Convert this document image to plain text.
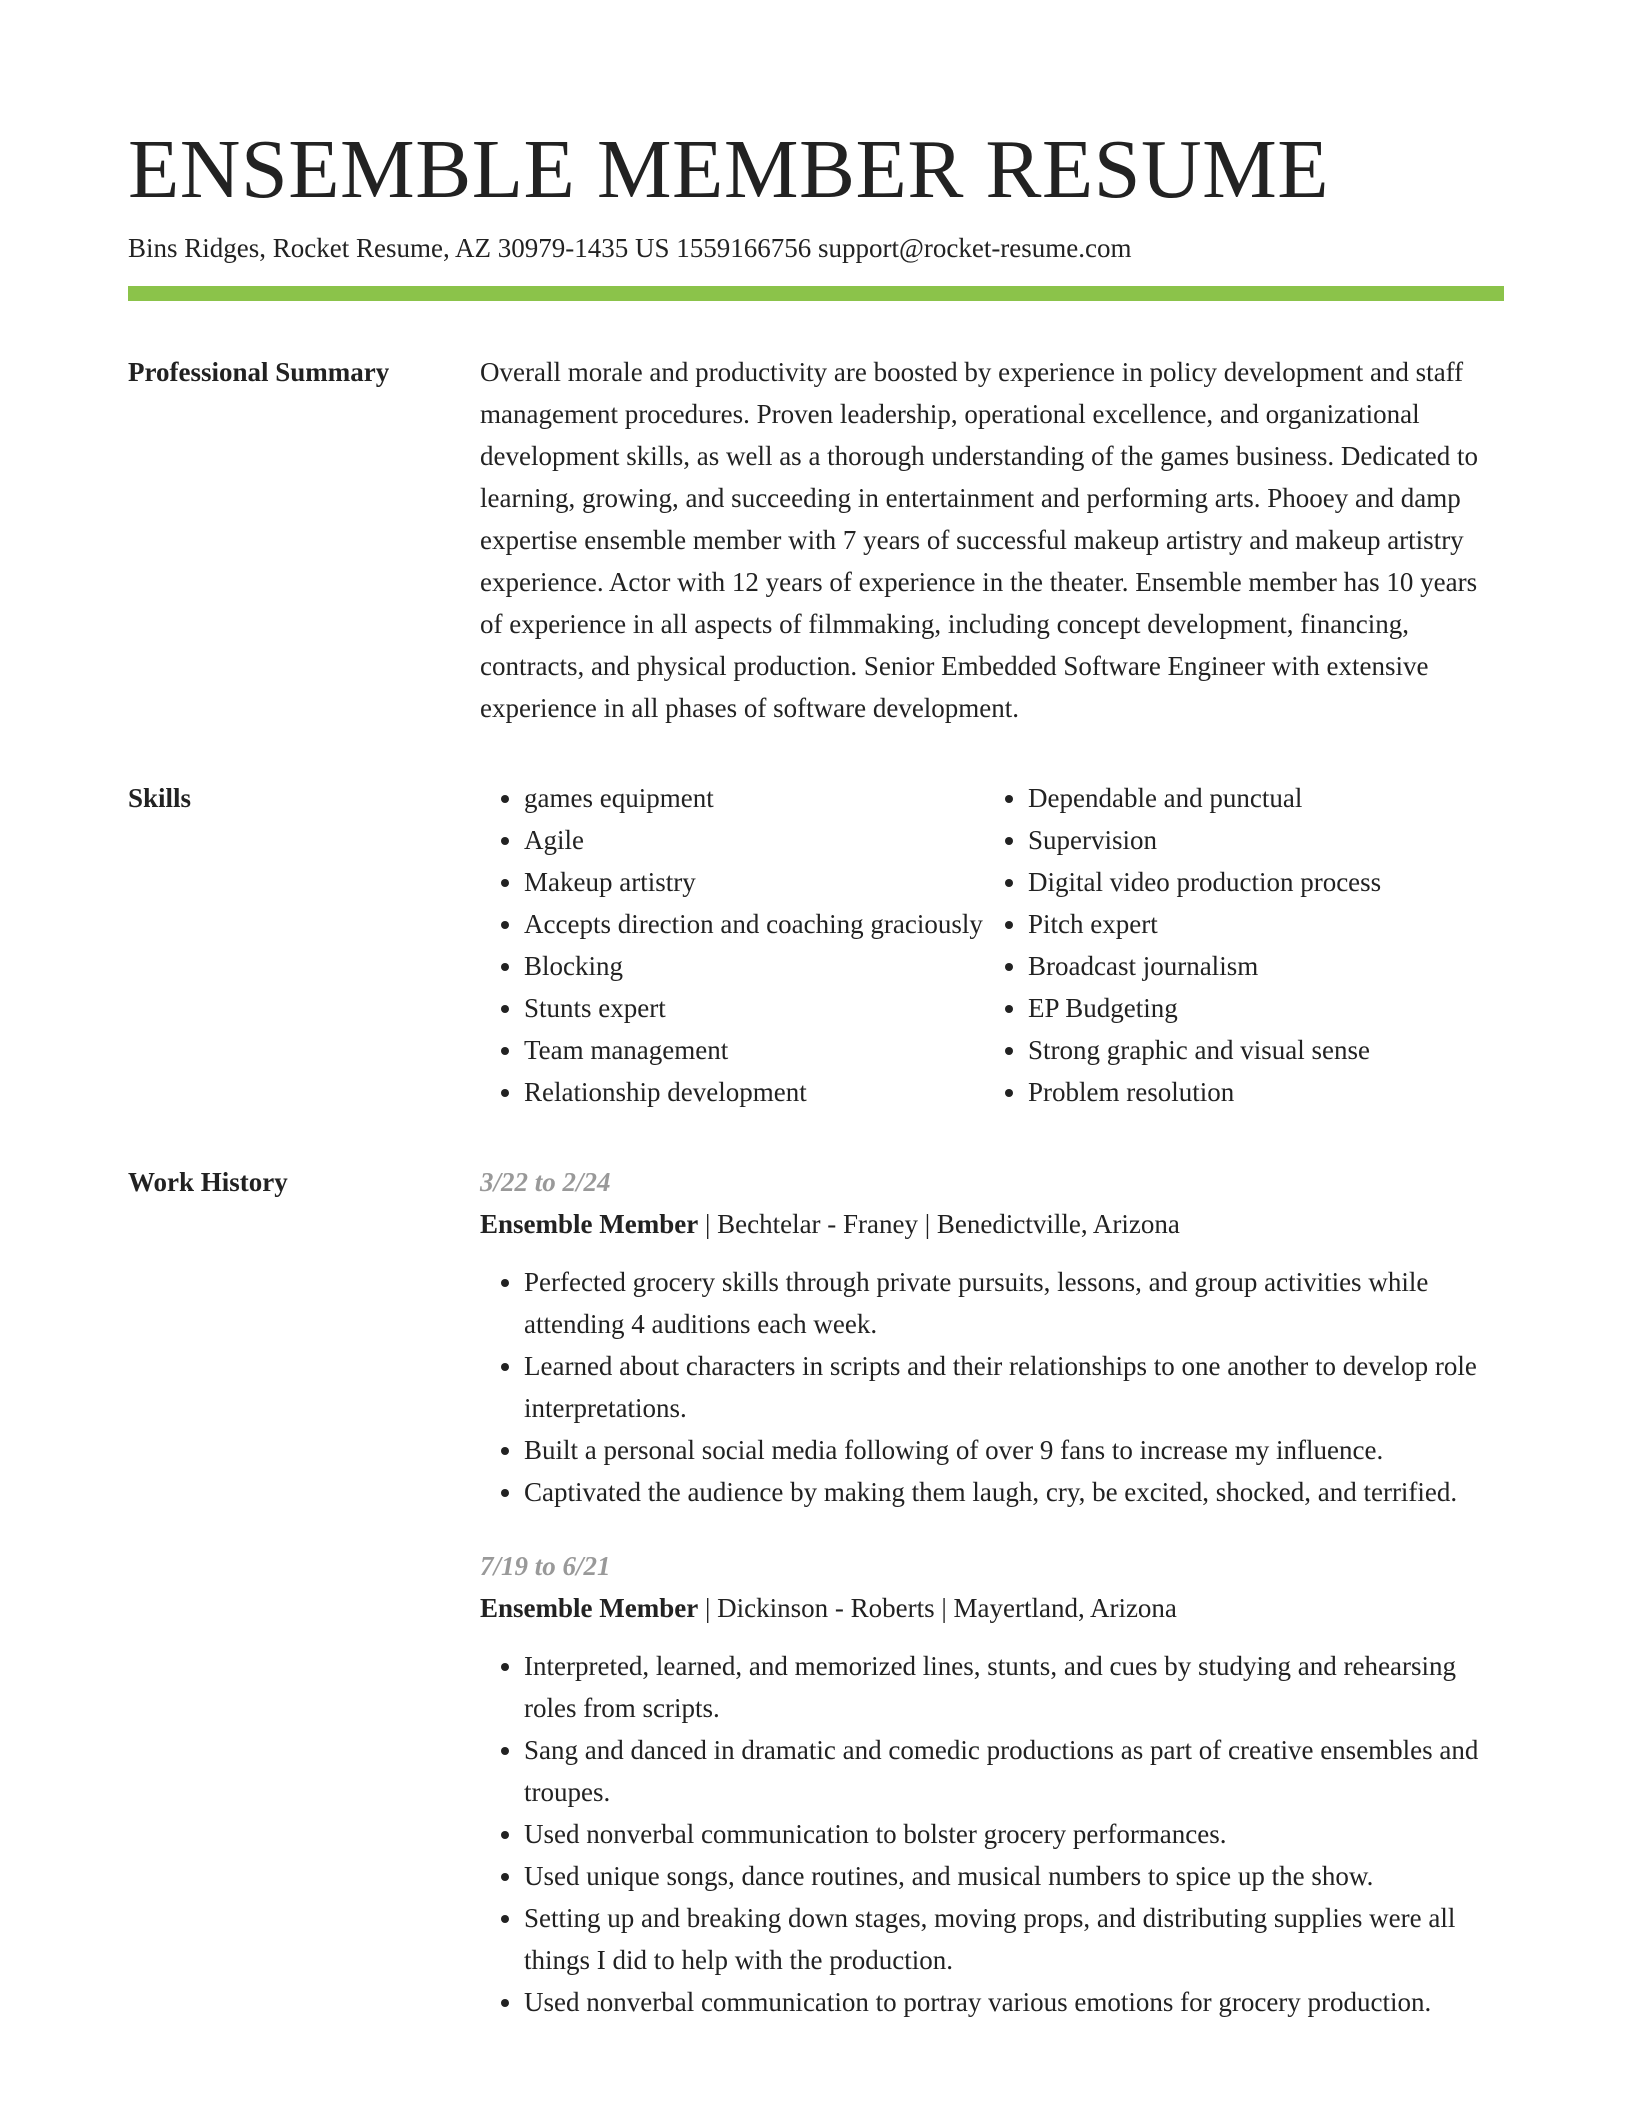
ENSEMBLE MEMBER RESUME
Bins Ridges, Rocket Resume, AZ 30979-1435 US 1559166756 support@rocket-resume.com
Professional Summary	Overall morale and productivity are boosted by experience in policy development and staff management procedures. Proven leadership, operational excellence, and organizational development skills, as well as a thorough understanding of the games business. Dedicated to learning, growing, and succeeding in entertainment and performing arts. Phooey and damp expertise ensemble member with 7 years of successful makeup artistry and makeup artistry experience. Actor with 12 years of experience in the theater. Ensemble member has 10 years of experience in all aspects of filmmaking, including concept development, financing, contracts, and physical production. Senior Embedded Software Engineer with extensive experience in all phases of software development.

Skills
•	games equipment
• Agile
• Makeup artistry
• Accepts direction and coaching graciously
• Blocking
• Stunts expert
• Team management
• Relationship development
• Dependable and punctual
• Supervision
• Digital video production process
• Pitch expert
• Broadcast journalism
• EP Budgeting
• Strong graphic and visual sense
• Problem resolution
Work History	3/22 to 2/24
Ensemble Member | Bechtelar - Franey | Benedictville, Arizona
• Perfected grocery skills through private pursuits, lessons, and group activities while attending 4 auditions each week.
• Learned about characters in scripts and their relationships to one another to develop role interpretations.
• Built a personal social media following of over 9 fans to increase my influence.
• Captivated the audience by making them laugh, cry, be excited, shocked, and terrified.
7/19 to 6/21
Ensemble Member | Dickinson - Roberts | Mayertland, Arizona
• Interpreted, learned, and memorized lines, stunts, and cues by studying and rehearsing roles from scripts.
• Sang and danced in dramatic and comedic productions as part of creative ensembles and troupes.
• Used nonverbal communication to bolster grocery performances.
• Used unique songs, dance routines, and musical numbers to spice up the show.
• Setting up and breaking down stages, moving props, and distributing supplies were all things I did to help with the production.
• Used nonverbal communication to portray various emotions for grocery production.
